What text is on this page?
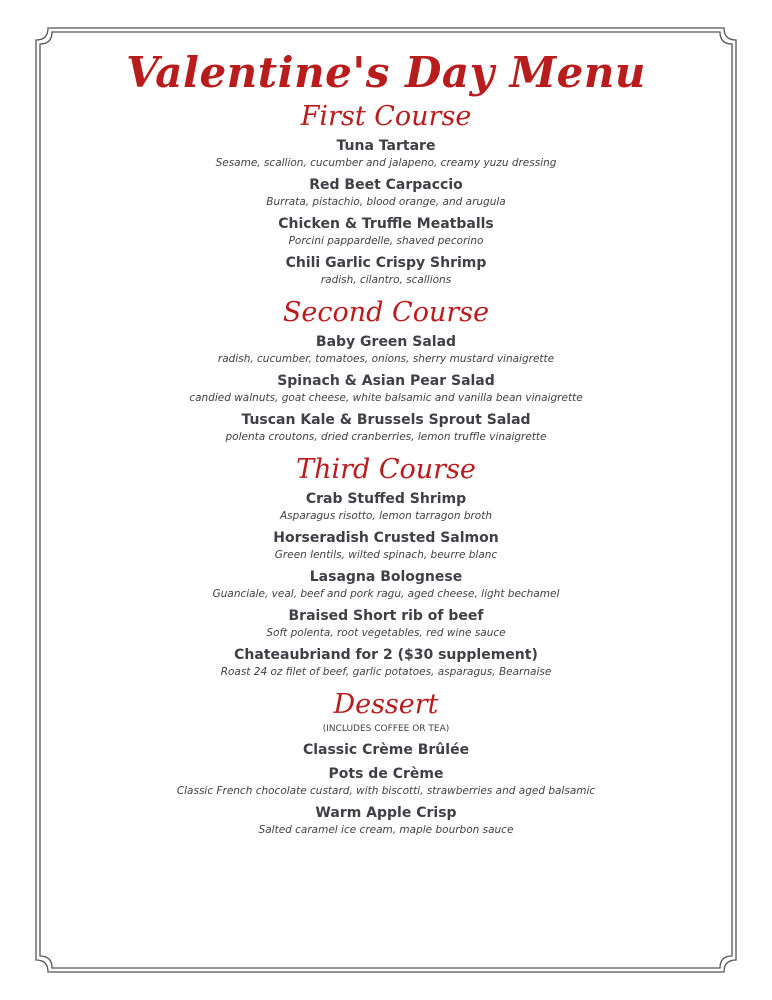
Valentine's Day Menu
First Course
Tuna Tartare
Sesame, scallion, cucumber and jalapeno, creamy yuzu dressing
Red Beet Carpaccio
Burrata, pistachio, blood orange, and arugula
Chicken & Truffle Meatballs
Porcini pappardelle, shaved pecorino
Chili Garlic Crispy Shrimp
radish, cilantro, scallions
Second Course
Baby Green Salad
radish, cucumber, tomatoes, onions, sherry mustard vinaigrette
Spinach & Asian Pear Salad
candied walnuts, goat cheese, white balsamic and vanilla bean vinaigrette
Tuscan Kale & Brussels Sprout Salad
polenta croutons, dried cranberries, lemon truffle vinaigrette
Third Course
Crab Stuffed Shrimp
Asparagus risotto, lemon tarragon broth
Horseradish Crusted Salmon
Green lentils, wilted spinach, beurre blanc
Lasagna Bolognese
Guanciale, veal, beef and pork ragu, aged cheese, light bechamel
Braised Short rib of beef
Soft polenta, root vegetables, red wine sauce
Chateaubriand for 2 ($30 supplement)
Roast 24 oz filet of beef, garlic potatoes, asparagus, Bearnaise
Dessert
(INCLUDES COFFEE OR TEA)
Classic Crème Brûlée
Pots de Crème
Classic French chocolate custard, with biscotti, strawberries and aged balsamic
Warm Apple Crisp
Salted caramel ice cream, maple bourbon sauce
